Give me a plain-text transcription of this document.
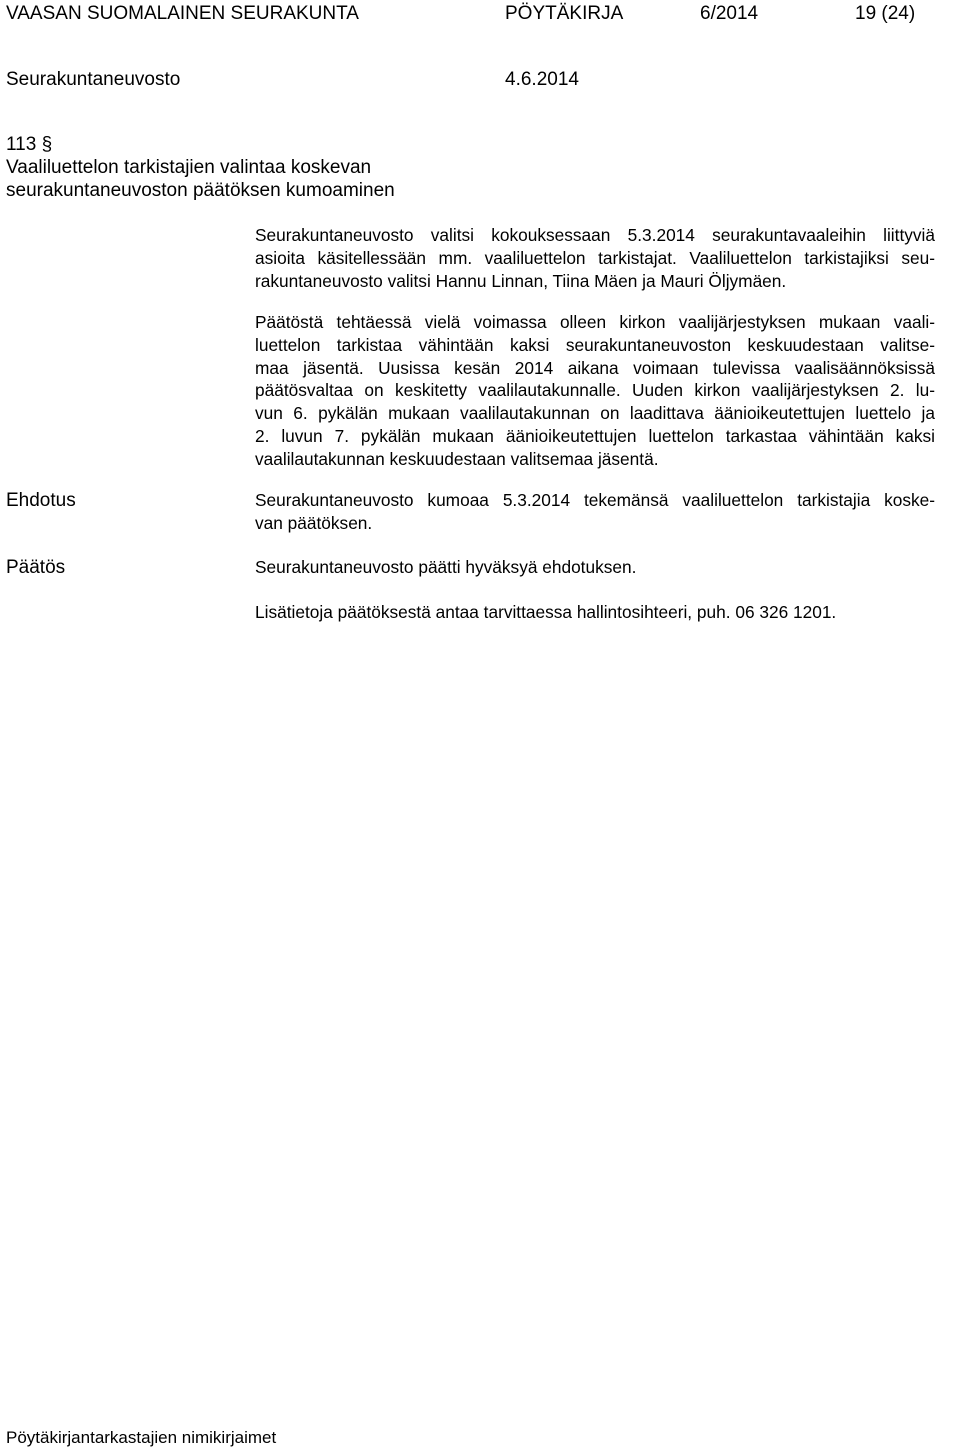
VAASAN SUOMALAINEN SEURAKUNTA	PÖYTÄKIRJA	6/2014	19 (24)
Seurakuntaneuvosto	4.6.2014
113 §
Vaaliluettelon tarkistajien valintaa koskevan
seurakuntaneuvoston päätöksen kumoaminen

Seurakuntaneuvosto valitsi kokouksessaan 5.3.2014 seurakuntavaaleihin liittyviä

asioita käsitellessään mm. vaaliluettelon tarkistajat. Vaaliluettelon tarkistajiksi seu-

rakuntaneuvosto valitsi Hannu Linnan, Tiina Mäen ja Mauri Öljymäen.

Päätöstä tehtäessä vielä voimassa olleen kirkon vaalijärjestyksen mukaan vaali-

luettelon tarkistaa vähintään kaksi seurakuntaneuvoston keskuudestaan valitse-

maa jäsentä. Uusissa kesän 2014 aikana voimaan tulevissa vaalisäännöksissä

päätösvaltaa on keskitetty vaalilautakunnalle. Uuden kirkon vaalijärjestyksen 2. lu-

vun 6. pykälän mukaan vaalilautakunnan on laadittava äänioikeutettujen luettelo ja

2. luvun 7. pykälän mukaan äänioikeutettujen luettelon tarkastaa vähintään kaksi

vaalilautakunnan keskuudestaan valitsemaa jäsentä.

Ehdotus	Seurakuntaneuvosto kumoaa 5.3.2014 tekemänsä vaaliluettelon tarkistajia koske-

van päätöksen.

Päätös	Seurakuntaneuvosto päätti hyväksyä ehdotuksen.

Lisätietoja päätöksestä antaa tarvittaessa hallintosihteeri, puh. 06 326 1201.

Pöytäkirjantarkastajien nimikirjaimet
